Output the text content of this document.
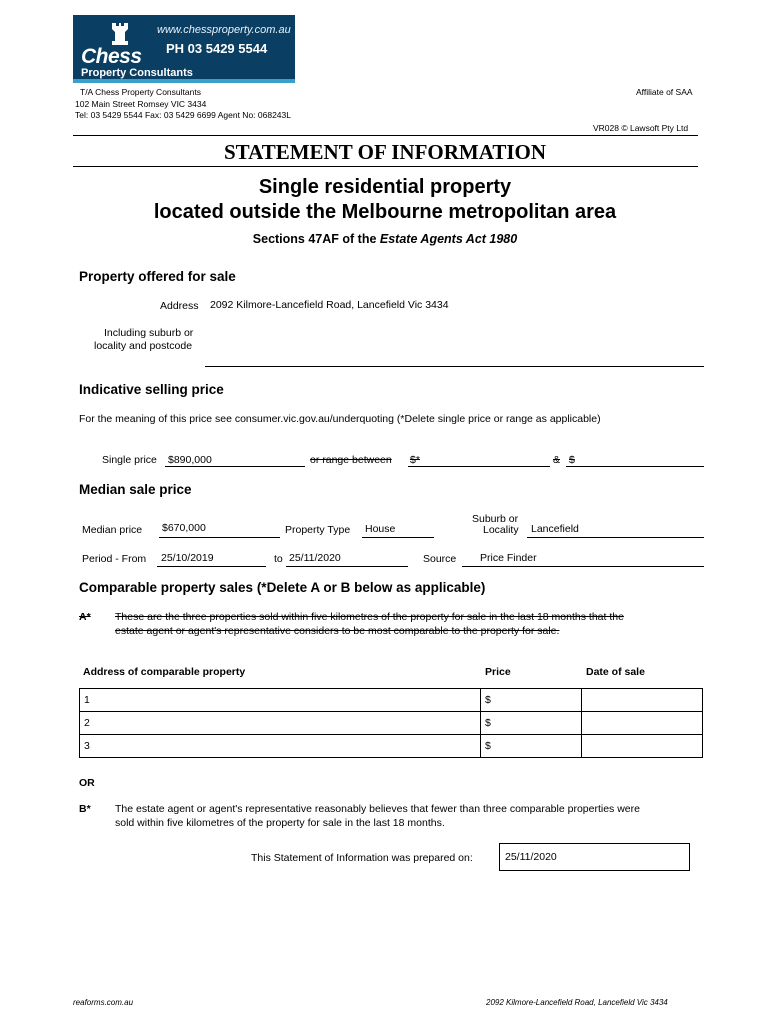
www.chessproperty.com.au
PH 03 5429 5544
Chess
Property Consultants
T/A Chess Property Consultants
102 Main Street Romsey VIC 3434
Tel: 03 5429 5544 Fax: 03 5429 6699 Agent No: 068243L
Affiliate of SAA
VR028 © Lawsoft Pty Ltd
STATEMENT OF INFORMATION
Single residential property
located outside the Melbourne metropolitan area
Sections 47AF of the Estate Agents Act 1980
Property offered for sale
Address 2092 Kilmore-Lancefield Road, Lancefield Vic 3434
Including suburb or
locality and postcode
Indicative selling price
For the meaning of this price see consumer.vic.gov.au/underquoting (*Delete single price or range as applicable)
Single price $890,000	or range between $*	& $
Median sale price
Median price $670,000	Property Type House
Suburb or
Locality Lancefield
Period - From 25/10/2019	to 25/11/2020	Source Price Finder
Comparable property sales (*Delete A or B below as applicable)
A* These are the three properties sold within five kilometres of the property for sale in the last 18 months that the
estate agent or agent's representative considers to be most comparable to the property for sale.
Address of comparable property	Price	Date of sale
1	$	
2	$	
3	$	
OR
B* The estate agent or agent's representative reasonably believes that fewer than three comparable properties were
sold within five kilometres of the property for sale in the last 18 months.
This Statement of Information was prepared on:	25/11/2020
reaforms.com.au	2092 Kilmore-Lancefield Road, Lancefield Vic 3434
